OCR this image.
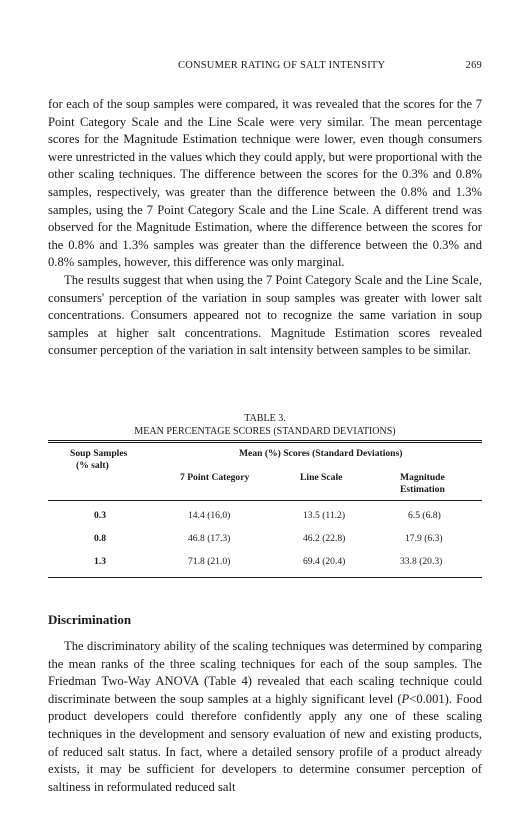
CONSUMER RATING OF SALT INTENSITY	269

for each of the soup samples were compared, it was revealed that the scores for the 7 Point Category Scale and the Line Scale were very similar. The mean percentage scores for the Magnitude Estimation technique were lower, even though consumers were unrestricted in the values which they could apply, but were proportional with the other scaling techniques. The difference between the scores for the 0.3% and 0.8% samples, respectively, was greater than the difference between the 0.8% and 1.3% samples, using the 7 Point Category Scale and the Line Scale. A different trend was observed for the Magnitude Estimation, where the difference between the scores for the 0.8% and 1.3% samples was greater than the difference between the 0.3% and 0.8% samples, however, this difference was only marginal.

The results suggest that when using the 7 Point Category Scale and the Line Scale, consumers' perception of the variation in soup samples was greater with lower salt concentrations. Consumers appeared not to recognize the same variation in soup samples at higher salt concentrations. Magnitude Estimation scores revealed consumer perception of the variation in salt intensity between samples to be similar.

TABLE 3.
MEAN PERCENTAGE SCORES (STANDARD DEVIATIONS)
Soup Samples
(% salt)
Mean (%) Scores (Standard Deviations)
7 Point Category	Line Scale	Magnitude
Estimation
0.3	14.4 (16.0)	13.5 (11.2)	6.5 (6.8)
0.8	46.8 (17.3)	46.2 (22.8)	17.9 (6.3)
1.3	71.8 (21.0)	69.4 (20.4)	33.8 (20.3)
Discrimination

The discriminatory ability of the scaling techniques was determined by comparing the mean ranks of the three scaling techniques for each of the soup samples. The Friedman Two-Way ANOVA (Table 4) revealed that each scaling technique could discriminate between the soup samples at a highly significant level (P<0.001). Food product developers could therefore confidently apply any one of these scaling techniques in the development and sensory evaluation of new and existing products, of reduced salt status. In fact, where a detailed sensory profile of a product already exists, it may be sufficient for developers to determine consumer perception of saltiness in reformulated reduced salt
